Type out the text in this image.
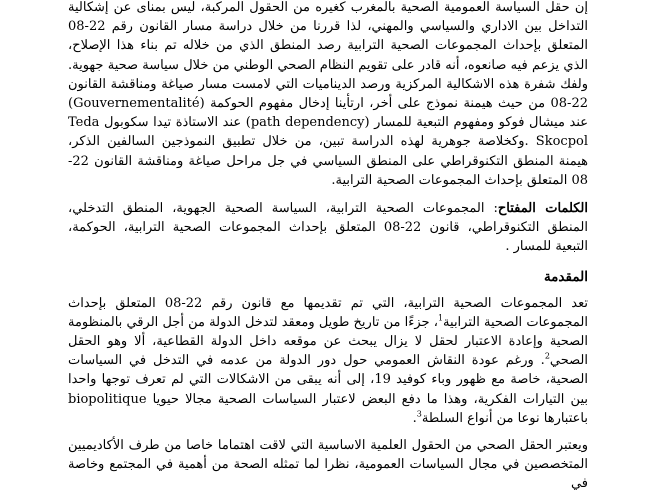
إن حقل السياسة العمومية الصحية بالمغرب كغيره من الحقول المركبة، ليس بمنأى عن إشكالية التداخل بين الاداري والسياسي والمهني، لذا قررنا من خلال دراسة مسار القانون رقم 22-08 المتعلق بإحداث المجموعات الصحية الترابية رصد المنطق الذي من خلاله تم بناء هذا الإصلاح، الذي يزعم فيه صانعوه، أنه قادر على تقويم النظام الصحي الوطني من خلال سياسة صحية جهوية. ولفك شفرة هذه الاشكالية المركزية ورصد الديناميات التي لامست مسار صياغة ومناقشة القانون 22-08 من حيث هيمنة نموذج على أخر، ارتأينا إدخال مفهوم الحوكمة (Gouvernementalité) عند ميشال فوكو ومفهوم التبعية للمسار (path dependency) عند الاستاذة تيدا سكوبول Teda Skocpol .وكخلاصة جوهرية لهذه الدراسة تبين، من خلال تطبيق النموذجين السالفين الذكر، هيمنة المنطق التكنوقراطي على المنطق السياسي في جل مراحل صياغة ومناقشة القانون 22-08 المتعلق بإحداث المجموعات الصحية الترابية.

الكلمات المفتاح: المجموعات الصحية الترابية، السياسة الصحية الجهوية، المنطق التدخلي، المنطق التكنوقراطي، قانون 22-08 المتعلق بإحداث المجموعات الصحية الترابية، الحوكمة، التبعية للمسار .

المقدمة

تعد المجموعات الصحية الترابية، التي تم تقديمها مع قانون رقم 22-08 المتعلق بإحداث المجموعات الصحية الترابية$^1$، جزءًا من تاريخ طويل ومعقد لتدخل الدولة من أجل الرقي بالمنظومة الصحية وإعادة الاعتبار لحقل لا يزال يبحث عن موقعه داخل الدولة القطاعية، ألا وهو الحقل الصحي$^2$. ورغم عودة النقاش العمومي حول دور الدولة من عدمه في التدخل في السياسات الصحية، خاصة مع ظهور وباء كوفيد 19، إلى أنه يبقى من الاشكالات التي لم تعرف توجها واحدا بين التيارات الفكرية، وهذا ما دفع البعض لاعتبار السياسات الصحية مجالا حيويا biopolitique باعتبارها نوعا من أنواع السلطة$^3$.

ويعتبر الحقل الصحي من الحقول العلمية الاساسية التي لاقت اهتماما خاصا من طرف الأكاديميين المتخصصين في مجال السياسات العمومية، نظرا لما تمثله الصحة من أهمية في المجتمع وخاصة في
